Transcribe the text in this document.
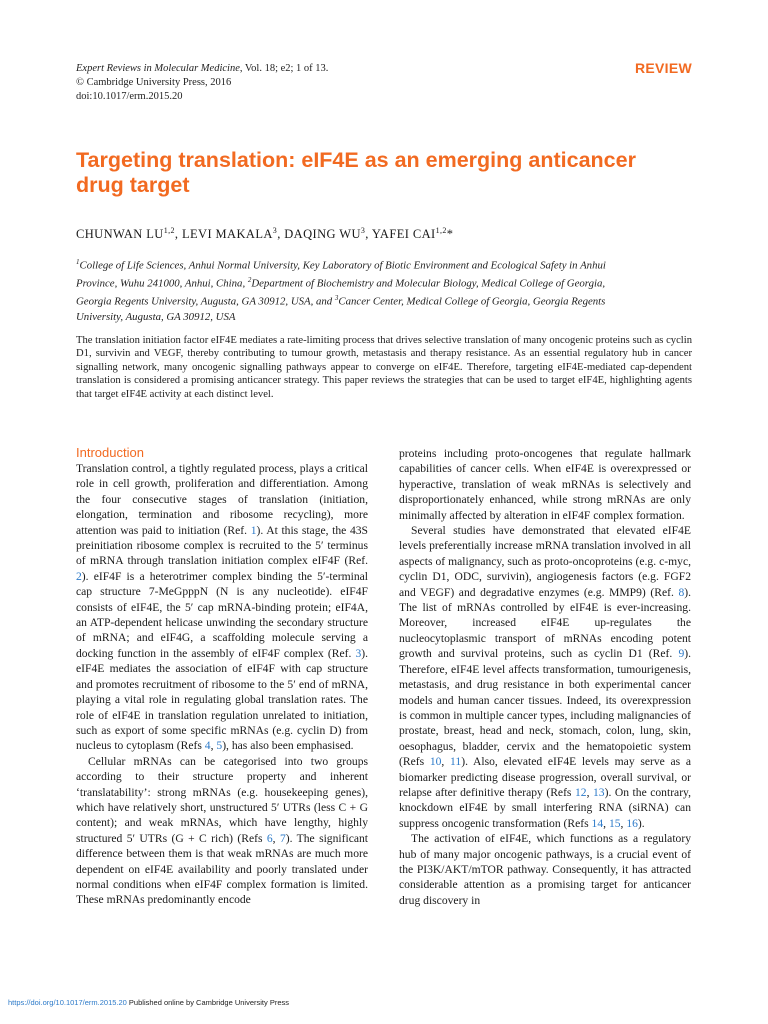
Expert Reviews in Molecular Medicine, Vol. 18; e2; 1 of 13.
© Cambridge University Press, 2016
doi:10.1017/erm.2015.20
REVIEW
Targeting translation: eIF4E as an emerging anticancer drug target
CHUNWAN LU$^{1,2}$, LEVI MAKALA$^3$, DAQING $WU^3$, YAFEI CAI$^{1,2}$*
$^1$College of Life Sciences, Anhui Normal University, Key Laboratory of Biotic Environment and Ecological Safety in Anhui Province, Wuhu 241000, Anhui, China, $^2$Department of Biochemistry and Molecular Biology, Medical College of Georgia, Georgia Regents University, Augusta, GA 30912, USA, and $^3$Cancer Center, Medical College of Georgia, Georgia Regents University, Augusta, GA 30912, USA
The translation initiation factor eIF4E mediates a rate-limiting process that drives selective translation of many oncogenic proteins such as cyclin D1, survivin and VEGF, thereby contributing to tumour growth, metastasis and therapy resistance. As an essential regulatory hub in cancer signalling network, many oncogenic signalling pathways appear to converge on eIF4E. Therefore, targeting eIF4E-mediated cap-dependent translation is considered a promising anticancer strategy. This paper reviews the strategies that can be used to target eIF4E, highlighting agents that target eIF4E activity at each distinct level.
Introduction

Translation control, a tightly regulated process, plays a critical role in cell growth, proliferation and differentiation. Among the four consecutive stages of translation (initiation, elongation, termination and ribosome recycling), more attention was paid to initiation (Ref. 1). At this stage, the 43S preinitiation ribosome complex is recruited to the 5′ terminus of mRNA through translation initiation complex eIF4F (Ref. 2). eIF4F is a heterotrimer complex binding the 5′-terminal cap structure 7-MeGpppN (N is any nucleotide). eIF4F consists of eIF4E, the 5′ cap mRNA-binding protein; eIF4A, an ATP-dependent helicase unwinding the secondary structure of mRNA; and eIF4G, a scaffolding molecule serving a docking function in the assembly of eIF4F complex (Ref. 3). eIF4E mediates the association of eIF4F with cap structure and promotes recruitment of ribosome to the 5′ end of mRNA, playing a vital role in regulating global translation rates. The role of eIF4E in translation regulation unrelated to initiation, such as export of some specific mRNAs (e.g. cyclin D) from nucleus to cytoplasm (Refs 4, 5), has also been emphasised.

Cellular mRNAs can be categorised into two groups according to their structure property and inherent ‘translatability’: strong mRNAs (e.g. housekeeping genes), which have relatively short, unstructured 5′ UTRs (less C + G content); and weak mRNAs, which have lengthy, highly structured 5′ UTRs (G + C rich) (Refs 6, 7). The significant difference between them is that weak mRNAs are much more dependent on eIF4E availability and poorly translated under normal conditions when eIF4F complex formation is limited. These mRNAs predominantly encode

proteins including proto-oncogenes that regulate hallmark capabilities of cancer cells. When eIF4E is overexpressed or hyperactive, translation of weak mRNAs is selectively and disproportionately enhanced, while strong mRNAs are only minimally affected by alteration in eIF4F complex formation.

Several studies have demonstrated that elevated eIF4E levels preferentially increase mRNA translation involved in all aspects of malignancy, such as proto-oncoproteins (e.g. c-myc, cyclin D1, ODC, survivin), angiogenesis factors (e.g. FGF2 and VEGF) and degradative enzymes (e.g. MMP9) (Ref. 8). The list of mRNAs controlled by eIF4E is ever-increasing. Moreover, increased eIF4E up-regulates the nucleocytoplasmic transport of mRNAs encoding potent growth and survival proteins, such as cyclin D1 (Ref. 9). Therefore, eIF4E level affects transformation, tumourigenesis, metastasis, and drug resistance in both experimental cancer models and human cancer tissues. Indeed, its overexpression is common in multiple cancer types, including malignancies of prostate, breast, head and neck, stomach, colon, lung, skin, oesophagus, bladder, cervix and the hematopoietic system (Refs 10, 11). Also, elevated eIF4E levels may serve as a biomarker predicting disease progression, overall survival, or relapse after definitive therapy (Refs 12, 13). On the contrary, knockdown eIF4E by small interfering RNA (siRNA) can suppress oncogenic transformation (Refs 14, 15, 16).

The activation of eIF4E, which functions as a regulatory hub of many major oncogenic pathways, is a crucial event of the PI3K/AKT/mTOR pathway. Consequently, it has attracted considerable attention as a promising target for anticancer drug discovery in

https://doi.org/10.1017/erm.2015.20 Published online by Cambridge University Press
